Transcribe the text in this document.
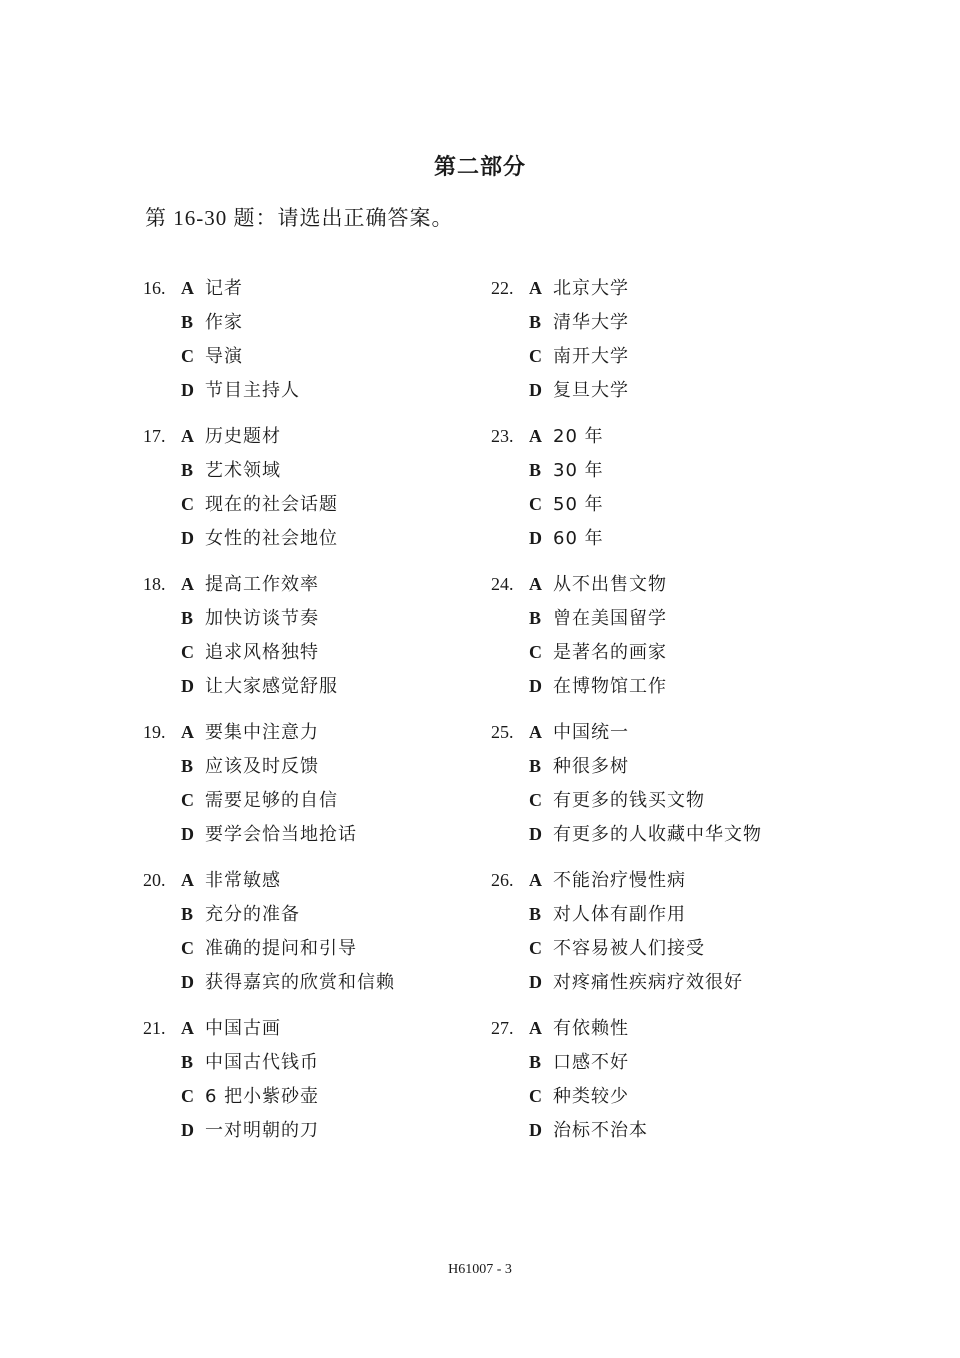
第二部分
第 16-30 题：请选出正确答案。
16. A 记者
B 作家
C 导演
D 节目主持人
17. A 历史题材
B 艺术领域
C 现在的社会话题
D 女性的社会地位
18. A 提高工作效率
B 加快访谈节奏
C 追求风格独特
D 让大家感觉舒服
19. A 要集中注意力
B 应该及时反馈
C 需要足够的自信
D 要学会恰当地抢话
20. A 非常敏感
B 充分的准备
C 准确的提问和引导
D 获得嘉宾的欣赏和信赖
21. A 中国古画
B 中国古代钱币
C 6 把小紫砂壶
D 一对明朝的刀
22. A 北京大学
B 清华大学
C 南开大学
D 复旦大学
23. A 20 年
B 30 年
C 50 年
D 60 年
24. A 从不出售文物
B 曾在美国留学
C 是著名的画家
D 在博物馆工作
25. A 中国统一
B 种很多树
C 有更多的钱买文物
D 有更多的人收藏中华文物
26. A 不能治疗慢性病
B 对人体有副作用
C 不容易被人们接受
D 对疼痛性疾病疗效很好
27. A 有依赖性
B 口感不好
C 种类较少
D 治标不治本
H61007 - 3
